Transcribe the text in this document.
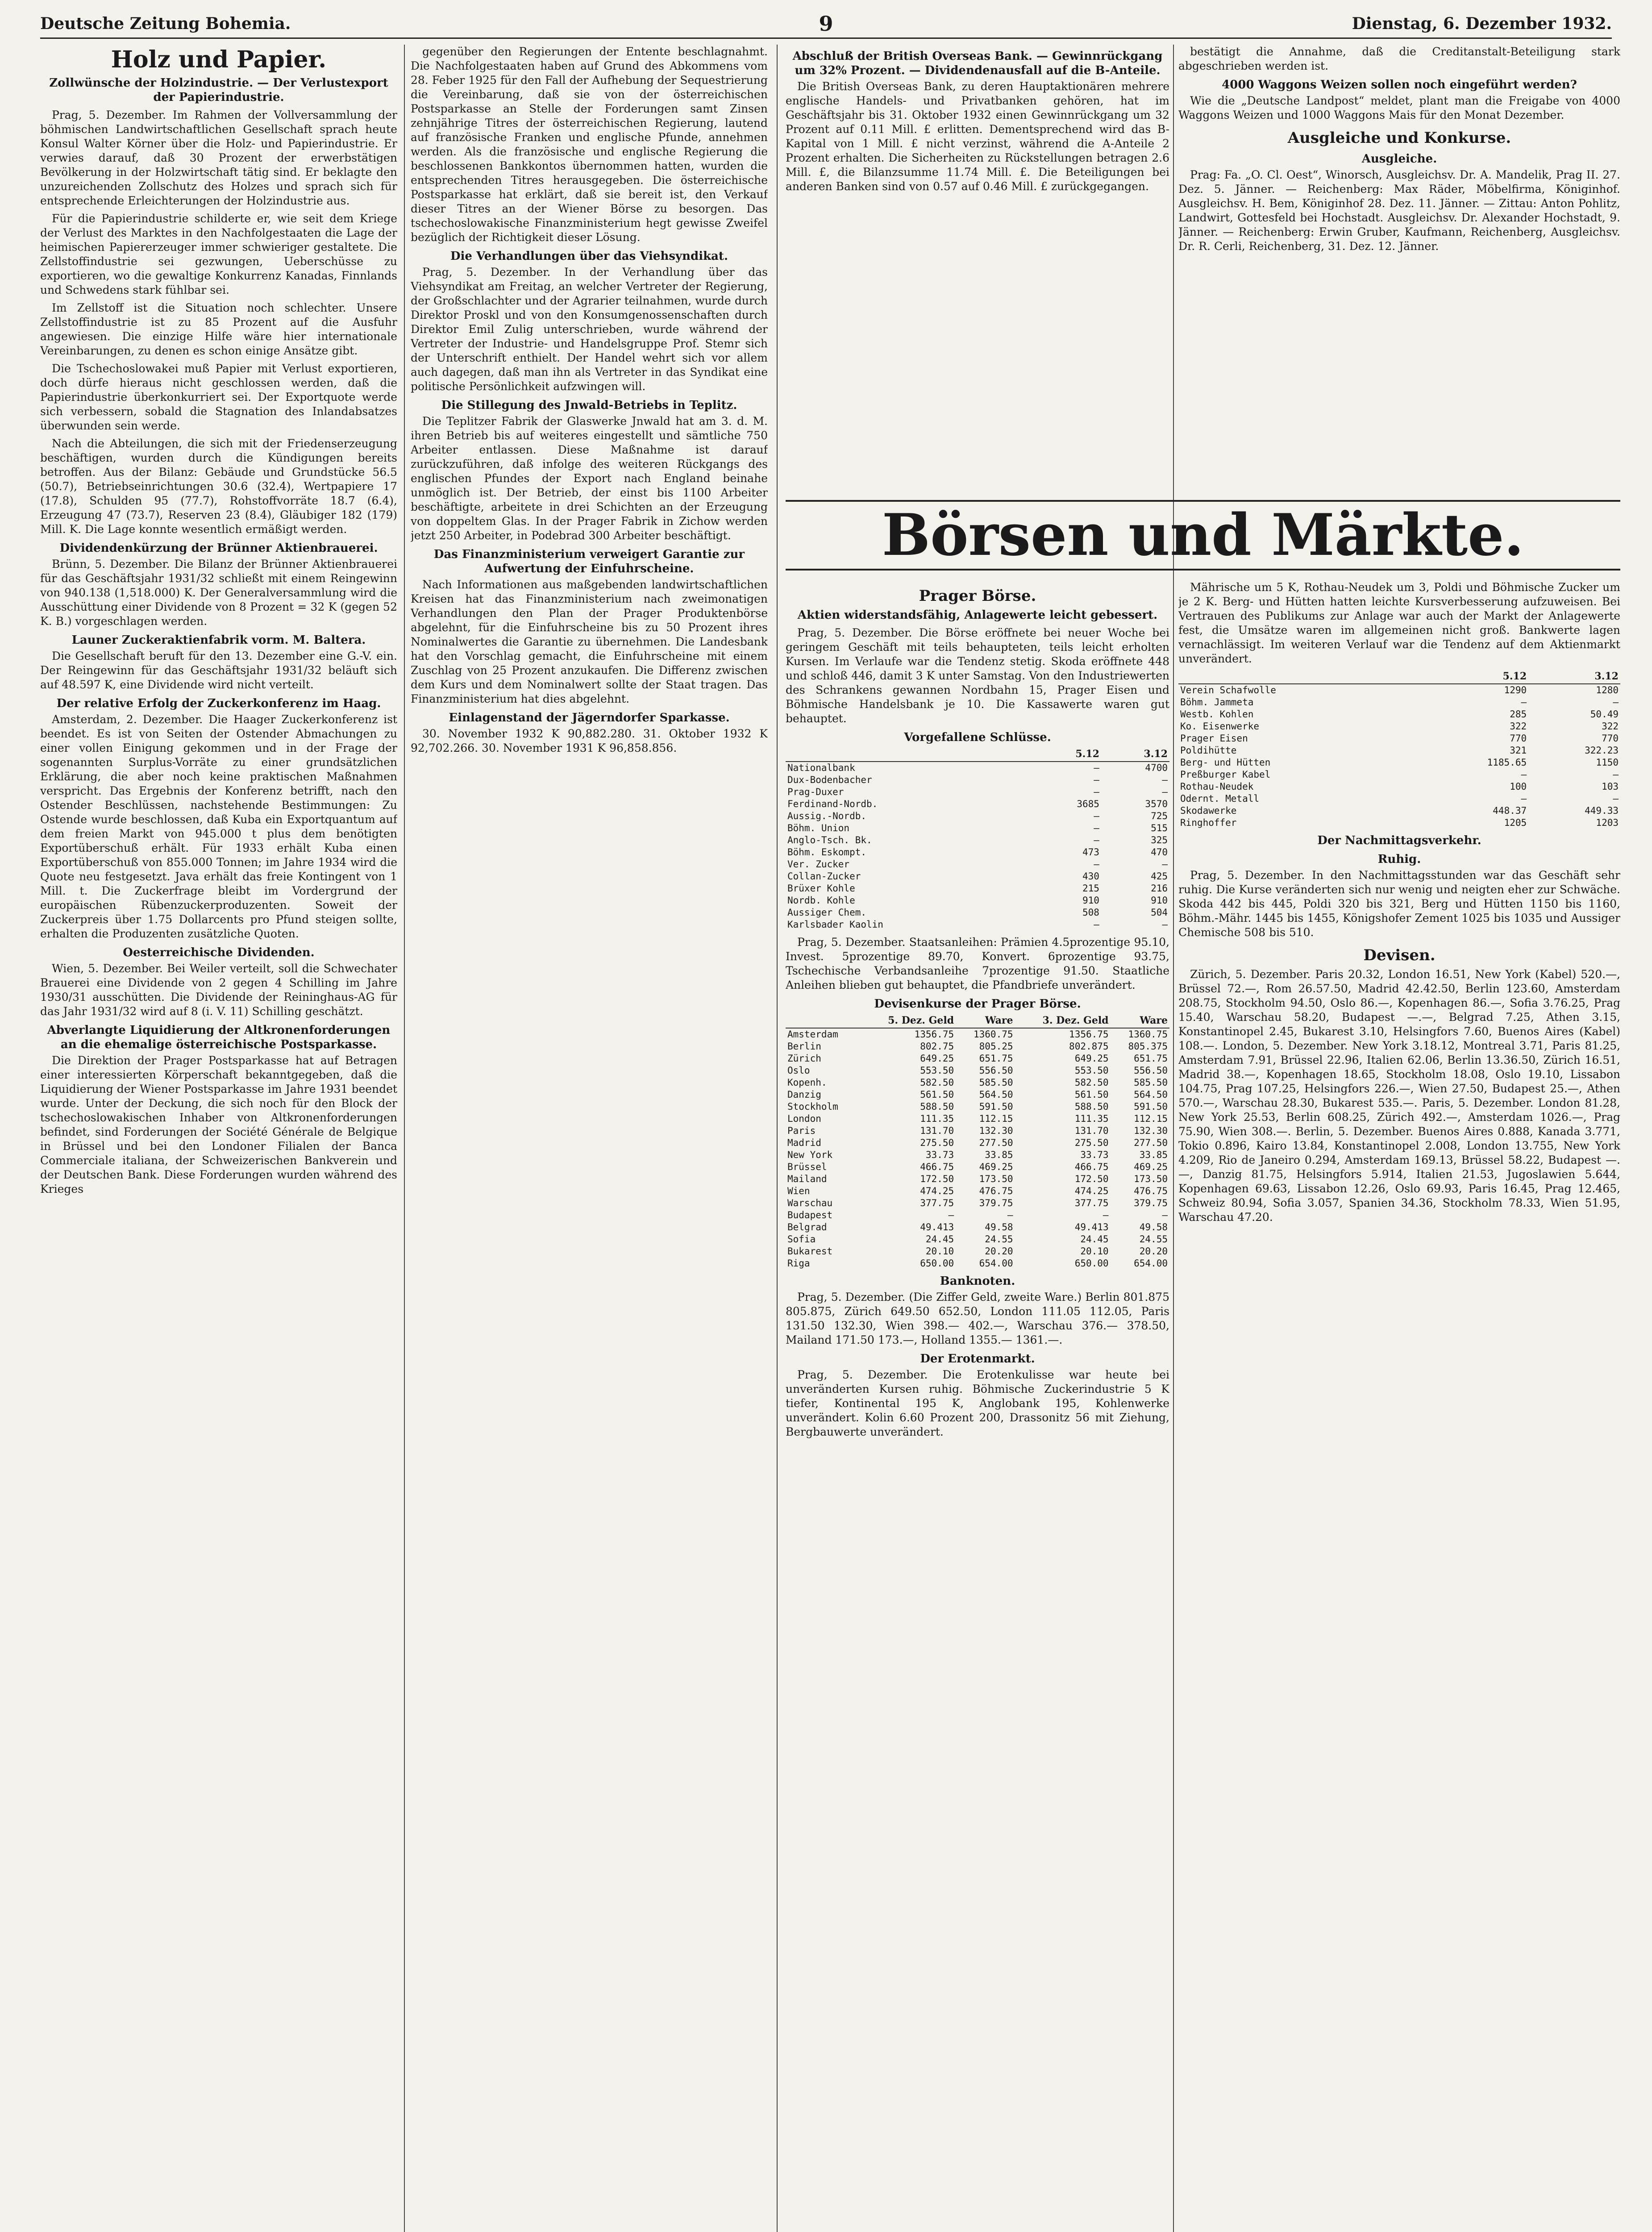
Deutsche Zeitung Bohemia.	9	Dienstag, 6. Dezember 1932.
Holz und Papier.
Zollwünsche der Holzindustrie. — Der Verlustexport der Papierindustrie.

Prag, 5. Dezember. Im Rahmen der Vollversammlung der böhmischen Landwirtschaftlichen Gesellschaft sprach heute Konsul Walter Körner über die Holz- und Papierindustrie. Er verwies darauf, daß 30 Prozent der erwerbstätigen Bevölkerung in der Holzwirtschaft tätig sind. Er beklagte den unzureichenden Zollschutz des Holzes und sprach sich für entsprechende Erleichterungen der Holzindustrie aus.

Für die Papierindustrie schilderte er, wie seit dem Kriege der Verlust des Marktes in den Nachfolgestaaten die Lage der heimischen Papiererzeuger immer schwieriger gestaltete. Die Zellstoffindustrie sei gezwungen, Ueberschüsse zu exportieren, wo die gewaltige Konkurrenz Kanadas, Finnlands und Schwedens stark fühlbar sei.

Im Zellstoff ist die Situation noch schlechter. Unsere Zellstoffindustrie ist zu 85 Prozent auf die Ausfuhr angewiesen. Die einzige Hilfe wäre hier internationale Vereinbarungen, zu denen es schon einige Ansätze gibt.

Die Tschechoslowakei muß Papier mit Verlust exportieren, doch dürfe hieraus nicht geschlossen werden, daß die Papierindustrie überkonkurriert sei. Der Exportquote werde sich verbessern, sobald die Stagnation des Inlandabsatzes überwunden sein werde.

Nach die Abteilungen, die sich mit der Friedenserzeugung beschäftigen, wurden durch die Kündigungen bereits betroffen. Aus der Bilanz: Gebäude und Grundstücke 56.5 (50.7), Betriebseinrichtungen 30.6 (32.4), Wertpapiere 17 (17.8), Schulden 95 (77.7), Rohstoffvorräte 18.7 (6.4), Erzeugung 47 (73.7), Reserven 23 (8.4), Gläubiger 182 (179) Mill. K. Die Lage konnte wesentlich ermäßigt werden.

Dividendenkürzung der Brünner Aktienbrauerei.

Brünn, 5. Dezember. Die Bilanz der Brünner Aktienbrauerei für das Geschäftsjahr 1931/32 schließt mit einem Reingewinn von 940.138 (1,518.000) K. Der Generalversammlung wird die Ausschüttung einer Dividende von 8 Prozent = 32 K (gegen 52 K. B.) vorgeschlagen werden.

Launer Zuckeraktienfabrik vorm. M. Baltera.

Die Gesellschaft beruft für den 13. Dezember eine G.-V. ein. Der Reingewinn für das Geschäftsjahr 1931/32 beläuft sich auf 48.597 K, eine Dividende wird nicht verteilt.

Der relative Erfolg der Zuckerkonferenz im Haag.

Amsterdam, 2. Dezember. Die Haager Zuckerkonferenz ist beendet. Es ist von Seiten der Ostender Abmachungen zu einer vollen Einigung gekommen und in der Frage der sogenannten Surplus-Vorräte zu einer grundsätzlichen Erklärung, die aber noch keine praktischen Maßnahmen verspricht. Das Ergebnis der Konferenz betrifft, nach den Ostender Beschlüssen, nachstehende Bestimmungen: Zu Ostende wurde beschlossen, daß Kuba ein Exportquantum auf dem freien Markt von 945.000 t plus dem benötigten Exportüberschuß erhält. Für 1933 erhält Kuba einen Exportüberschuß von 855.000 Tonnen; im Jahre 1934 wird die Quote neu festgesetzt. Java erhält das freie Kontingent von 1 Mill. t. Die Zuckerfrage bleibt im Vordergrund der europäischen Rübenzuckerproduzenten. Soweit der Zuckerpreis über 1.75 Dollarcents pro Pfund steigen sollte, erhalten die Produzenten zusätzliche Quoten.

Oesterreichische Dividenden.

Wien, 5. Dezember. Bei Weiler verteilt, soll die Schwechater Brauerei eine Dividende von 2 gegen 4 Schilling im Jahre 1930/31 ausschütten. Die Dividende der Reininghaus-AG für das Jahr 1931/32 wird auf 8 (i. V. 11) Schilling geschätzt.

Abverlangte Liquidierung der Altkronenforderungen an die ehemalige österreichische Postsparkasse.

Die Direktion der Prager Postsparkasse hat auf Betragen einer interessierten Körperschaft bekanntgegeben, daß die Liquidierung der Wiener Postsparkasse im Jahre 1931 beendet wurde. Unter der Deckung, die sich noch für den Block der tschechoslowakischen Inhaber von Altkronenforderungen befindet, sind Forderungen der Société Générale de Belgique in Brüssel und bei den Londoner Filialen der Banca Commerciale italiana, der Schweizerischen Bankverein und der Deutschen Bank. Diese Forderungen wurden während des Krieges

gegenüber den Regierungen der Entente beschlagnahmt. Die Nachfolgestaaten haben auf Grund des Abkommens vom 28. Feber 1925 für den Fall der Aufhebung der Sequestrierung die Vereinbarung, daß sie von der österreichischen Postsparkasse an Stelle der Forderungen samt Zinsen zehnjährige Titres der österreichischen Regierung, lautend auf französische Franken und englische Pfunde, annehmen werden. Als die französische und englische Regierung die beschlossenen Bankkontos übernommen hatten, wurden die entsprechenden Titres herausgegeben. Die österreichische Postsparkasse hat erklärt, daß sie bereit ist, den Verkauf dieser Titres an der Wiener Börse zu besorgen. Das tschechoslowakische Finanzministerium hegt gewisse Zweifel bezüglich der Richtigkeit dieser Lösung.

Die Verhandlungen über das Viehsyndikat.

Prag, 5. Dezember. In der Verhandlung über das Viehsyndikat am Freitag, an welcher Vertreter der Regierung, der Großschlachter und der Agrarier teilnahmen, wurde durch Direktor Proskl und von den Konsumgenossenschaften durch Direktor Emil Zulig unterschrieben, wurde während der Vertreter der Industrie- und Handelsgruppe Prof. Stemr sich der Unterschrift enthielt. Der Handel wehrt sich vor allem auch dagegen, daß man ihn als Vertreter in das Syndikat eine politische Persönlichkeit aufzwingen will.

Die Stillegung des Jnwald-Betriebs in Teplitz.

Die Teplitzer Fabrik der Glaswerke Jnwald hat am 3. d. M. ihren Betrieb bis auf weiteres eingestellt und sämtliche 750 Arbeiter entlassen. Diese Maßnahme ist darauf zurückzuführen, daß infolge des weiteren Rückgangs des englischen Pfundes der Export nach England beinahe unmöglich ist. Der Betrieb, der einst bis 1100 Arbeiter beschäftigte, arbeitete in drei Schichten an der Erzeugung von doppeltem Glas. In der Prager Fabrik in Zichow werden jetzt 250 Arbeiter, in Podebrad 300 Arbeiter beschäftigt.

Das Finanzministerium verweigert Garantie zur Aufwertung der Einfuhrscheine.

Nach Informationen aus maßgebenden landwirtschaftlichen Kreisen hat das Finanzministerium nach zweimonatigen Verhandlungen den Plan der Prager Produktenbörse abgelehnt, für die Einfuhrscheine bis zu 50 Prozent ihres Nominalwertes die Garantie zu übernehmen. Die Landesbank hat den Vorschlag gemacht, die Einfuhrscheine mit einem Zuschlag von 25 Prozent anzukaufen. Die Differenz zwischen dem Kurs und dem Nominalwert sollte der Staat tragen. Das Finanzministerium hat dies abgelehnt.

Einlagenstand der Jägerndorfer Sparkasse.

30. November 1932 K 90,882.280. 31. Oktober 1932 K 92,702.266. 30. November 1931 K 96,858.856.

Abschluß der British Overseas Bank. — Gewinnrückgang um 32% Prozent. — Dividendenausfall auf die B-Anteile.

Die British Overseas Bank, zu deren Hauptaktionären mehrere englische Handels- und Privatbanken gehören, hat im Geschäftsjahr bis 31. Oktober 1932 einen Gewinnrückgang um 32 Prozent auf 0.11 Mill. £ erlitten. Dementsprechend wird das B-Kapital von 1 Mill. £ nicht verzinst, während die A-Anteile 2 Prozent erhalten. Die Sicherheiten zu Rückstellungen betragen 2.6 Mill. £, die Bilanzsumme 11.74 Mill. £. Die Beteiligungen bei anderen Banken sind von 0.57 auf 0.46 Mill. £ zurückgegangen.

bestätigt die Annahme, daß die Creditanstalt-Beteiligung stark abgeschrieben werden ist.

4000 Waggons Weizen sollen noch eingeführt werden?

Wie die „Deutsche Landpost“ meldet, plant man die Freigabe von 4000 Waggons Weizen und 1000 Waggons Mais für den Monat Dezember.

Ausgleiche und Konkurse.
Ausgleiche.

Prag: Fa. „O. Cl. Oest“, Winorsch, Ausgleichsv. Dr. A. Mandelik, Prag II. 27. Dez. 5. Jänner. — Reichenberg: Max Räder, Möbelfirma, Königinhof. Ausgleichsv. H. Bem, Königinhof 28. Dez. 11. Jänner. — Zittau: Anton Pohlitz, Landwirt, Gottesfeld bei Hochstadt. Ausgleichsv. Dr. Alexander Hochstadt, 9. Jänner. — Reichenberg: Erwin Gruber, Kaufmann, Reichenberg, Ausgleichsv. Dr. R. Cerli, Reichenberg, 31. Dez. 12. Jänner.

Börsen und Märkte.
Prager Börse.
Aktien widerstandsfähig, Anlagewerte leicht gebessert.

Prag, 5. Dezember. Die Börse eröffnete bei neuer Woche bei geringem Geschäft mit teils behaupteten, teils leicht erholten Kursen. Im Verlaufe war die Tendenz stetig. Skoda eröffnete 448 und schloß 446, damit 3 K unter Samstag. Von den Industriewerten des Schrankens gewannen Nordbahn 15, Prager Eisen und Böhmische Handelsbank je 10. Die Kassawerte waren gut behauptet.

Vorgefallene Schlüsse.
	5.12	3.12
Nationalbank	—	4700
Dux-Bodenbacher	—	—
Prag-Duxer	—	—
Ferdinand-Nordb.	3685	3570
Aussig.-Nordb.	—	725
Böhm. Union	—	515
Anglo-Tsch. Bk.	—	325
Böhm. Eskompt.	473	470
Ver. Zucker	—	—
Collan-Zucker	430	425
Brüxer Kohle	215	216
Nordb. Kohle	910	910
Aussiger Chem.	508	504
Karlsbader Kaolin	—	—

Prag, 5. Dezember. Staatsanleihen: Prämien 4.5prozentige 95.10, Invest. 5prozentige 89.70, Konvert. 6prozentige 93.75, Tschechische Verbandsanleihe 7prozentige 91.50. Staatliche Anleihen blieben gut behauptet, die Pfandbriefe unverändert.

Devisenkurse der Prager Börse.
	5. Dez. Geld	Ware	3. Dez. Geld	Ware
Amsterdam	1356.75	1360.75	1356.75	1360.75
Berlin	802.75	805.25	802.875	805.375
Zürich	649.25	651.75	649.25	651.75
Oslo	553.50	556.50	553.50	556.50
Kopenh.	582.50	585.50	582.50	585.50
Danzig	561.50	564.50	561.50	564.50
Stockholm	588.50	591.50	588.50	591.50
London	111.35	112.15	111.35	112.15
Paris	131.70	132.30	131.70	132.30
Madrid	275.50	277.50	275.50	277.50
New York	33.73	33.85	33.73	33.85
Brüssel	466.75	469.25	466.75	469.25
Mailand	172.50	173.50	172.50	173.50
Wien	474.25	476.75	474.25	476.75
Warschau	377.75	379.75	377.75	379.75
Budapest	—	—	—	—
Belgrad	49.413	49.58	49.413	49.58
Sofia	24.45	24.55	24.45	24.55
Bukarest	20.10	20.20	20.10	20.20
Riga	650.00	654.00	650.00	654.00
Banknoten.

Prag, 5. Dezember. (Die Ziffer Geld, zweite Ware.) Berlin 801.875 805.875, Zürich 649.50 652.50, London 111.05 112.05, Paris 131.50 132.30, Wien 398.— 402.—, Warschau 376.— 378.50, Mailand 171.50 173.—, Holland 1355.— 1361.—.

Der Erotenmarkt.

Prag, 5. Dezember. Die Erotenkulisse war heute bei unveränderten Kursen ruhig. Böhmische Zuckerindustrie 5 K tiefer, Kontinental 195 K, Anglobank 195, Kohlenwerke unverändert. Kolin 6.60 Prozent 200, Drassonitz 56 mit Ziehung, Bergbauwerte unverändert.

Mährische um 5 K, Rothau-Neudek um 3, Poldi und Böhmische Zucker um je 2 K. Berg- und Hütten hatten leichte Kursverbesserung aufzuweisen. Bei Vertrauen des Publikums zur Anlage war auch der Markt der Anlagewerte fest, die Umsätze waren im allgemeinen nicht groß. Bankwerte lagen vernachlässigt. Im weiteren Verlauf war die Tendenz auf dem Aktienmarkt unverändert.

	5.12	3.12
Verein Schafwolle	1290	1280
Böhm. Jammeta	—	—
Westb. Kohlen	285	50.49
Ko. Eisenwerke	322	322
Prager Eisen	770	770
Poldihütte	321	322.23
Berg- und Hütten	1185.65	1150
Preßburger Kabel	—	—
Rothau-Neudek	100	103
Odernt. Metall	—	—
Skodawerke	448.37	449.33
Ringhoffer	1205	1203
Der Nachmittagsverkehr.
Ruhig.

Prag, 5. Dezember. In den Nachmittagsstunden war das Geschäft sehr ruhig. Die Kurse veränderten sich nur wenig und neigten eher zur Schwäche. Skoda 442 bis 445, Poldi 320 bis 321, Berg und Hütten 1150 bis 1160, Böhm.-Mähr. 1445 bis 1455, Königshofer Zement 1025 bis 1035 und Aussiger Chemische 508 bis 510.

Devisen.

Zürich, 5. Dezember. Paris 20.32, London 16.51, New York (Kabel) 520.—, Brüssel 72.—, Rom 26.57.50, Madrid 42.42.50, Berlin 123.60, Amsterdam 208.75, Stockholm 94.50, Oslo 86.—, Kopenhagen 86.—, Sofia 3.76.25, Prag 15.40, Warschau 58.20, Budapest —.—, Belgrad 7.25, Athen 3.15, Konstantinopel 2.45, Bukarest 3.10, Helsingfors 7.60, Buenos Aires (Kabel) 108.—. London, 5. Dezember. New York 3.18.12, Montreal 3.71, Paris 81.25, Amsterdam 7.91, Brüssel 22.96, Italien 62.06, Berlin 13.36.50, Zürich 16.51, Madrid 38.—, Kopenhagen 18.65, Stockholm 18.08, Oslo 19.10, Lissabon 104.75, Prag 107.25, Helsingfors 226.—, Wien 27.50, Budapest 25.—, Athen 570.—, Warschau 28.30, Bukarest 535.—. Paris, 5. Dezember. London 81.28, New York 25.53, Berlin 608.25, Zürich 492.—, Amsterdam 1026.—, Prag 75.90, Wien 308.—. Berlin, 5. Dezember. Buenos Aires 0.888, Kanada 3.771, Tokio 0.896, Kairo 13.84, Konstantinopel 2.008, London 13.755, New York 4.209, Rio de Janeiro 0.294, Amsterdam 169.13, Brüssel 58.22, Budapest —.—, Danzig 81.75, Helsingfors 5.914, Italien 21.53, Jugoslawien 5.644, Kopenhagen 69.63, Lissabon 12.26, Oslo 69.93, Paris 16.45, Prag 12.465, Schweiz 80.94, Sofia 3.057, Spanien 34.36, Stockholm 78.33, Wien 51.95, Warschau 47.20.
